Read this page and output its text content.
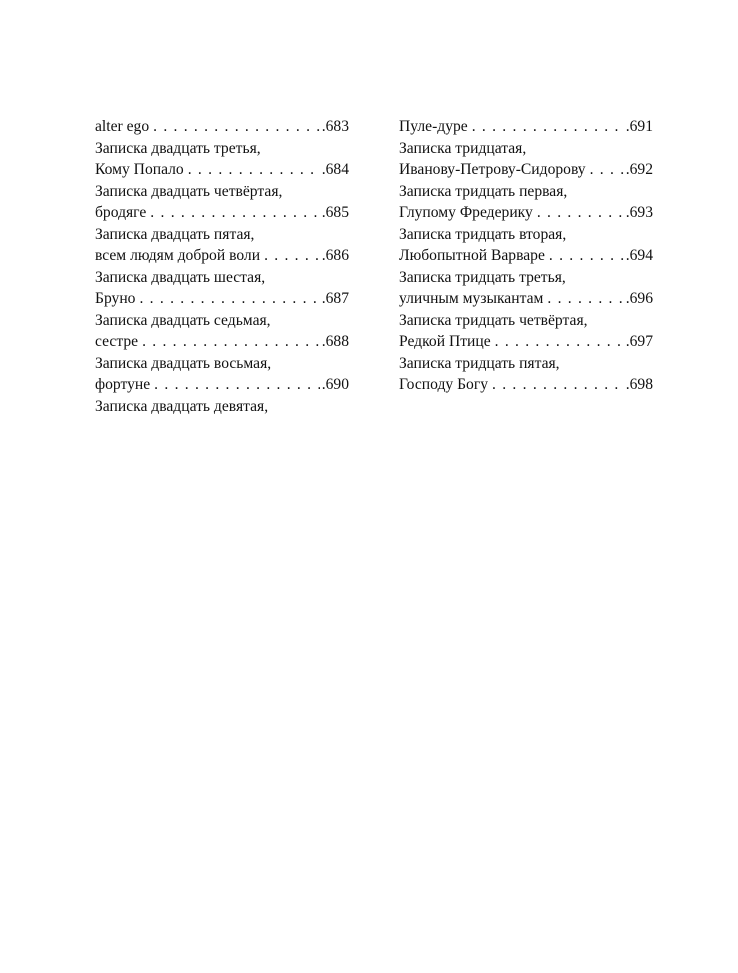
alter ego . . .	.683
Записка двадцать третья,
Кому Попало . . .	.684
Записка двадцать четвёртая,
бродяге . . .	.685
Записка двадцать пятая,
всем людям доброй воли . . .	.686
Записка двадцать шестая,
Бруно . . .	.687
Записка двадцать седьмая,
сестре . . .	.688
Записка двадцать восьмая,
фортуне . . .	.690
Записка двадцать девятая,
Пуле-дуре . . .	.691
Записка тридцатая,
Иванову-Петрову-Сидорову . . .	.692
Записка тридцать первая,
Глупому Фредерику . . .	.693
Записка тридцать вторая,
Любопытной Варваре . . .	.694
Записка тридцать третья,
уличным музыкантам . . .	.696
Записка тридцать четвёртая,
Редкой Птице . . .	.697
Записка тридцать пятая,
Господу Богу . . .	.698
